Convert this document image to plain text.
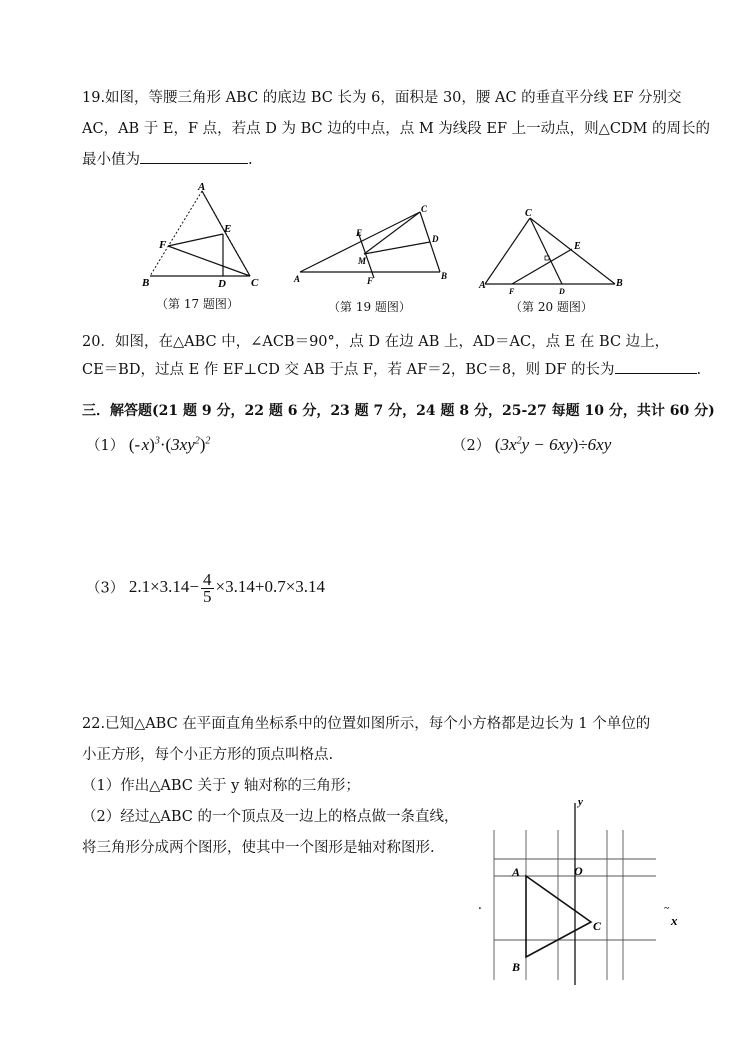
19.如图，等腰三角形 ABC 的底边 BC 长为 6，面积是 30，腰 AC 的垂直平分线 EF 分别交
AC，AB 于 E，F 点，若点 D 为 BC 边的中点，点 M 为线段 EF 上一动点，则△CDM 的周长的
最小值为	.
A
B	C
D
E
F
（第 17 题图）
A	B
C
D
E
F
M
（第 19 题图）
A	B
C
E
F	D
（第 20 题图）
20．如图，在△ABC 中，∠ACB＝90°，点 D 在边 AB 上，AD＝AC，点 E 在 BC 边上，
CE＝BD，过点 E 作 EF⊥CD 交 AB 于点 F，若 AF＝2，BC＝8，则 DF 的长为	.
三．解答题(21 题 9 分，22 题 6 分，23 题 7 分，24 题 8 分，25-27 每题 10 分，共计 60 分)
（1） (- $x)^3\cdot(3xy^2)^2$	（2） $(3x^2y - 6xy)\div 6xy$
（3） $2.1\times 3.14- \frac{4}{5} \times 3.14+0.7\times 3.14$
22.已知△ABC 在平面直角坐标系中的位置如图所示，每个小方格都是边长为 1 个单位的
小正方形，每个小正方形的顶点叫格点.
（1）作出△ABC 关于 y 轴对称的三角形；
（2）经过△ABC 的一个顶点及一边上的格点做一条直线，
将三角形分成两个图形，使其中一个图形是轴对称图形.
y
x
~
.
A
B
C
O
